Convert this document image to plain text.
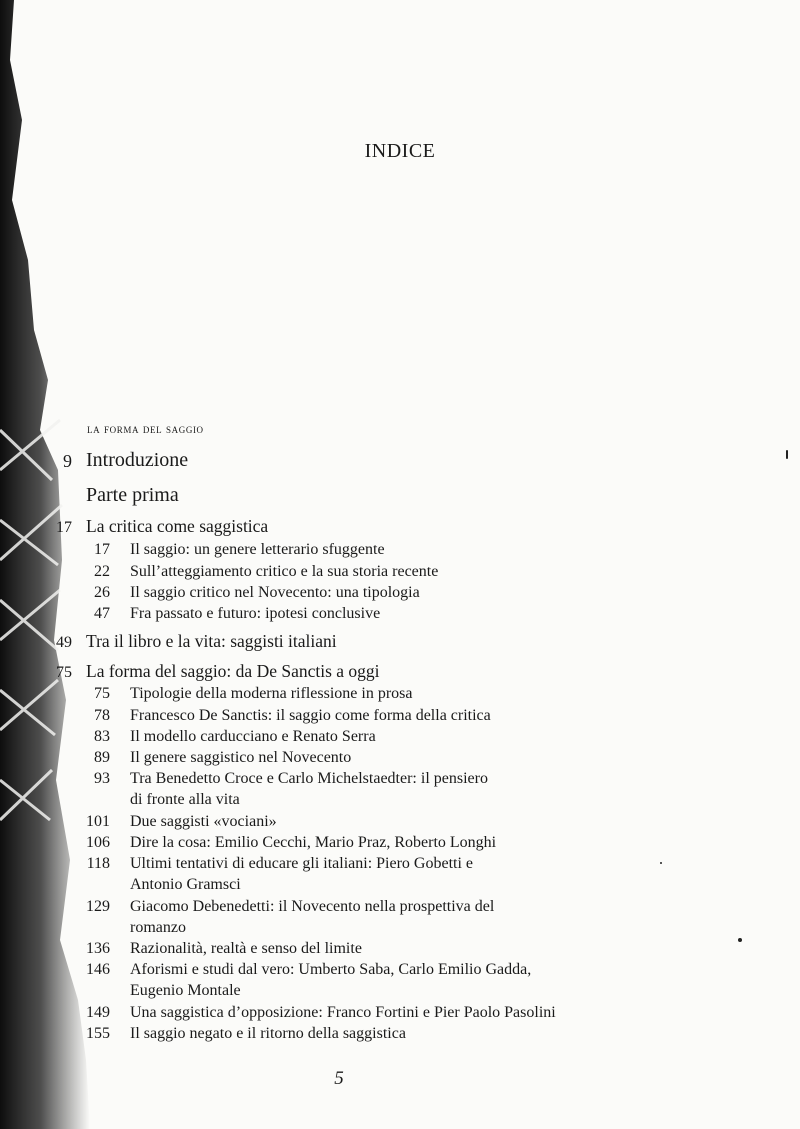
INDICE
la forma del saggio
9 Introduzione
Parte prima
17 La critica come saggistica
17 Il saggio: un genere letterario sfuggente
22 Sull’atteggiamento critico e la sua storia recente
26 Il saggio critico nel Novecento: una tipologia
47 Fra passato e futuro: ipotesi conclusive
49 Tra il libro e la vita: saggisti italiani
75 La forma del saggio: da De Sanctis a oggi
75 Tipologie della moderna riflessione in prosa
78 Francesco De Sanctis: il saggio come forma della critica
83 Il modello carducciano e Renato Serra
89 Il genere saggistico nel Novecento
93 Tra Benedetto Croce e Carlo Michelstaedter: il pensiero
di fronte alla vita
101 Due saggisti «vociani»
106 Dire la cosa: Emilio Cecchi, Mario Praz, Roberto Longhi
118 Ultimi tentativi di educare gli italiani: Piero Gobetti e
Antonio Gramsci
129 Giacomo Debenedetti: il Novecento nella prospettiva del
romanzo
136 Razionalità, realtà e senso del limite
146 Aforismi e studi dal vero: Umberto Saba, Carlo Emilio Gadda,
Eugenio Montale
149 Una saggistica d’opposizione: Franco Fortini e Pier Paolo Pasolini
155 Il saggio negato e il ritorno della saggistica
5
